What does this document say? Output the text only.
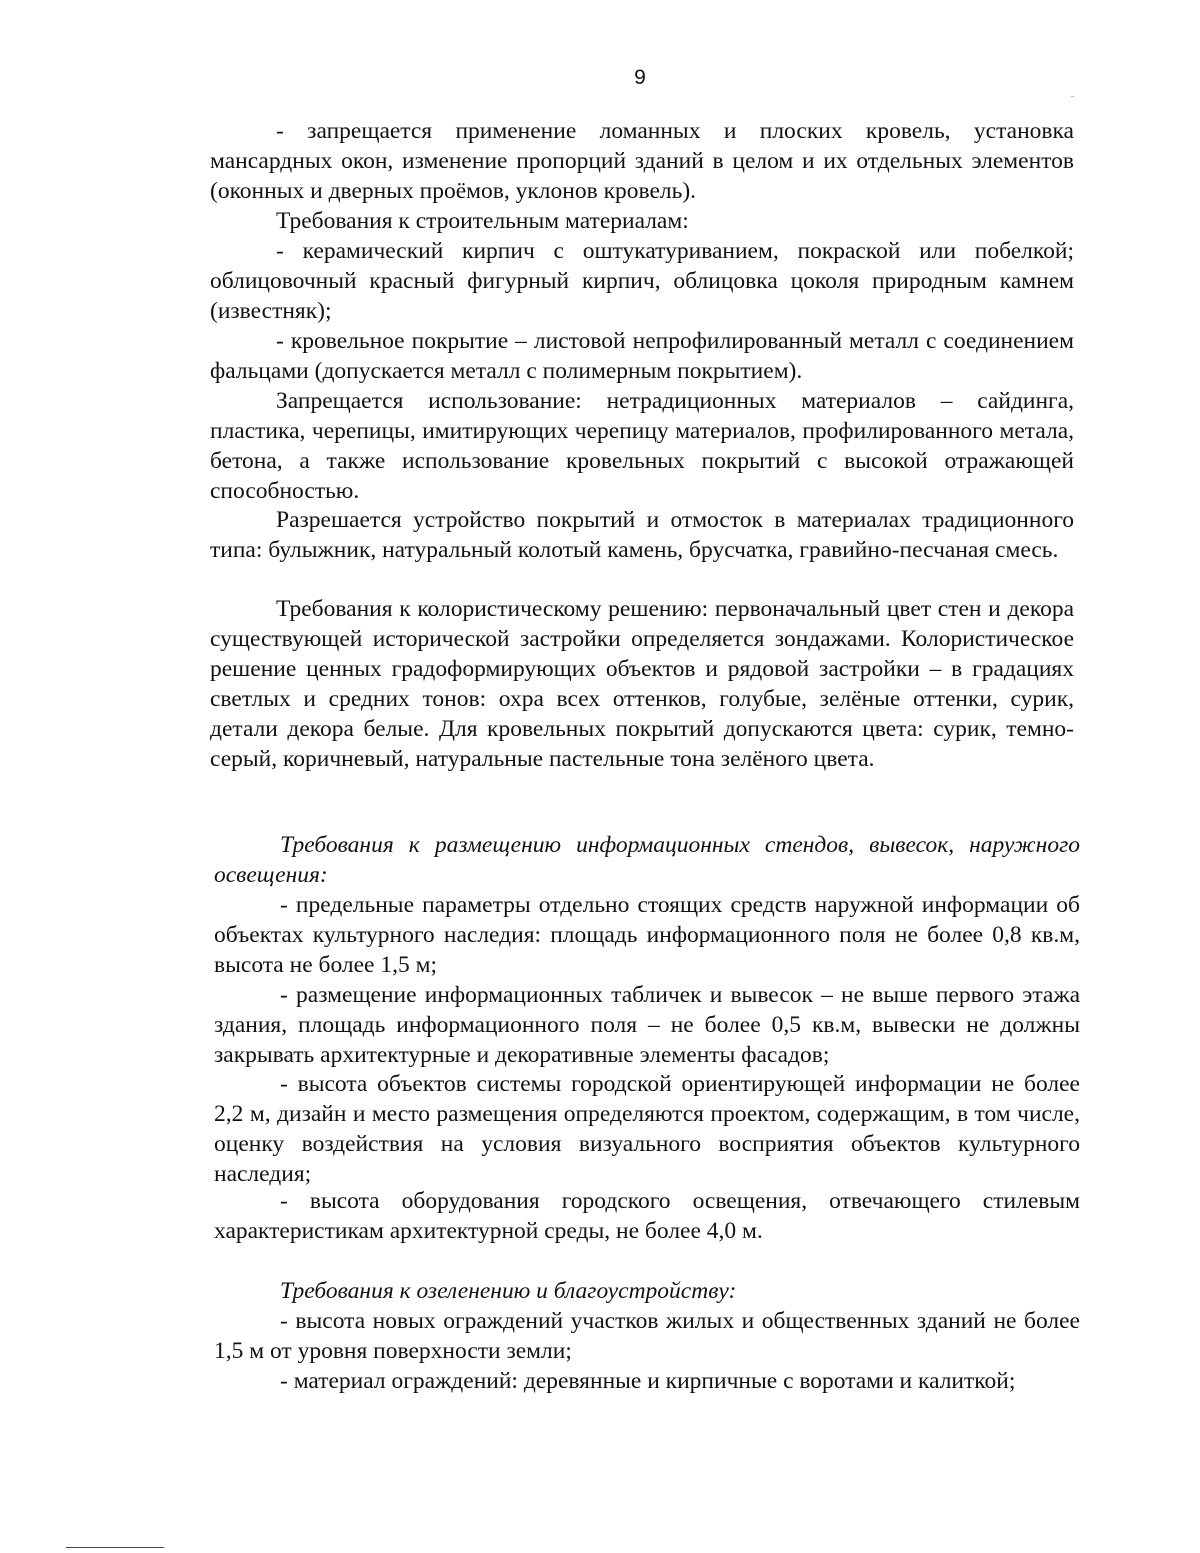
9

- запрещается применение ломанных и плоских кровель, установка мансардных окон, изменение пропорций зданий в целом и их отдельных элементов (оконных и дверных проёмов, уклонов кровель).

Требования к строительным материалам:

- керамический кирпич с оштукатуриванием, покраской или побелкой; облицовочный красный фигурный кирпич, облицовка цоколя природным камнем (известняк);

- кровельное покрытие – листовой непрофилированный металл с соединением фальцами (допускается металл с полимерным покрытием).

Запрещается использование: нетрадиционных материалов – сайдинга, пластика, черепицы, имитирующих черепицу материалов, профилированного метала, бетона, а также использование кровельных покрытий с высокой отражающей способностью.

Разрешается устройство покрытий и отмосток в материалах традиционного типа: булыжник, натуральный колотый камень, брусчатка, гравийно-песчаная смесь.

Требования к колористическому решению: первоначальный цвет стен и декора существующей исторической застройки определяется зондажами. Колористическое решение ценных градоформирующих объектов и рядовой застройки – в градациях светлых и средних тонов: охра всех оттенков, голубые, зелёные оттенки, сурик, детали декора белые. Для кровельных покрытий допускаются цвета: сурик, темно-серый, коричневый, натуральные пастельные тона зелёного цвета.

Требования к размещению информационных стендов, вывесок, наружного освещения:

- предельные параметры отдельно стоящих средств наружной информации об объектах культурного наследия: площадь информационного поля не более 0,8 кв.м, высота не более 1,5 м;

- размещение информационных табличек и вывесок – не выше первого этажа здания, площадь информационного поля – не более 0,5 кв.м, вывески не должны закрывать архитектурные и декоративные элементы фасадов;

- высота объектов системы городской ориентирующей информации не более 2,2 м, дизайн и место размещения определяются проектом, содержащим, в том числе, оценку воздействия на условия визуального восприятия объектов культурного наследия;

- высота оборудования городского освещения, отвечающего стилевым характеристикам архитектурной среды, не более 4,0 м.

Требования к озеленению и благоустройству:

- высота новых ограждений участков жилых и общественных зданий не более 1,5 м от уровня поверхности земли;

- материал ограждений: деревянные и кирпичные с воротами и калиткой;
